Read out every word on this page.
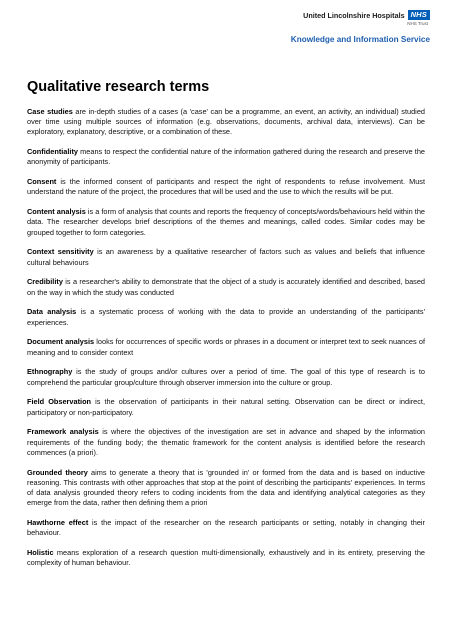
United Lincolnshire Hospitals NHS
NHS Trust
Knowledge and Information Service
Qualitative research terms

Case studies are in-depth studies of a cases (a 'case' can be a programme, an event, an activity, an individual) studied over time using multiple sources of information (e.g. observations, documents, archival data, interviews). Can be exploratory, explanatory, descriptive, or a combination of these.

Confidentiality means to respect the confidential nature of the information gathered during the research and preserve the anonymity of participants.

Consent is the informed consent of participants and respect the right of respondents to refuse involvement. Must understand the nature of the project, the procedures that will be used and the use to which the results will be put.

Content analysis is a form of analysis that counts and reports the frequency of concepts/words/behaviours held within the data. The researcher develops brief descriptions of the themes and meanings, called codes. Similar codes may be grouped together to form categories.

Context sensitivity is an awareness by a qualitative researcher of factors such as values and beliefs that influence cultural behaviours

Credibility is a researcher's ability to demonstrate that the object of a study is accurately identified and described, based on the way in which the study was conducted

Data analysis is a systematic process of working with the data to provide an understanding of the participants' experiences.

Document analysis looks for occurrences of specific words or phrases in a document or interpret text to seek nuances of meaning and to consider context

Ethnography is the study of groups and/or cultures over a period of time. The goal of this type of research is to comprehend the particular group/culture through observer immersion into the culture or group.

Field Observation is the observation of participants in their natural setting. Observation can be direct or indirect, participatory or non-participatory.

Framework analysis is where the objectives of the investigation are set in advance and shaped by the information requirements of the funding body; the thematic framework for the content analysis is identified before the research commences (a priori).

Grounded theory aims to generate a theory that is 'grounded in' or formed from the data and is based on inductive reasoning. This contrasts with other approaches that stop at the point of describing the participants' experiences. In terms of data analysis grounded theory refers to coding incidents from the data and identifying analytical categories as they emerge from the data, rather then defining them a priori

Hawthorne effect is the impact of the researcher on the research participants or setting, notably in changing their behaviour.

Holistic means exploration of a research question multi-dimensionally, exhaustively and in its entirety, preserving the complexity of human behaviour.
